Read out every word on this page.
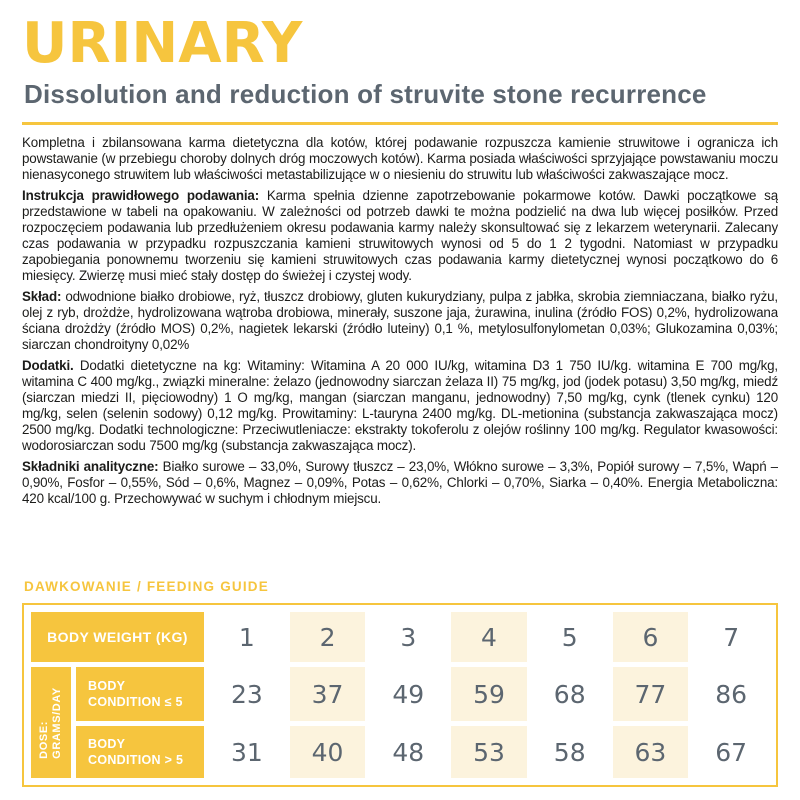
URINARY
Dissolution and reduction of struvite stone recurrence

Kompletna i zbilansowana karma dietetyczna dla kotów, której podawanie rozpuszcza kamienie struwitowe i ogranicza ich powstawanie (w przebiegu choroby dolnych dróg moczowych kotów). Karma posiada właściwości sprzyjające powstawaniu moczu nienasyconego struwitem lub właściwości metastabilizujące w o niesieniu do struwitu lub właściwości zakwaszające mocz.

Instrukcja prawidłowego podawania: Karma spełnia dzienne zapotrzebowanie pokarmowe kotów. Dawki początkowe są przedstawione w tabeli na opakowaniu. W zależności od potrzeb dawki te można podzielić na dwa lub więcej posiłków. Przed rozpoczęciem podawania lub przedłużeniem okresu podawania karmy należy skonsultować się z lekarzem weterynarii. Zalecany czas podawania w przypadku rozpuszczania kamieni struwitowych wynosi od 5 do 1 2 tygodni. Natomiast w przypadku zapobiegania ponownemu tworzeniu się kamieni struwitowych czas podawania karmy dietetycznej wynosi początkowo do 6 miesięcy. Zwierzę musi mieć stały dostęp do świeżej i czystej wody.

Skład: odwodnione białko drobiowe, ryż, tłuszcz drobiowy, gluten kukurydziany, pulpa z jabłka, skrobia ziemniaczana, białko ryżu, olej z ryb, drożdże, hydrolizowana wątroba drobiowa, minerały, suszone jaja, żurawina, inulina (źródło FOS) 0,2%, hydrolizowana ściana drożdży (źródło MOS) 0,2%, nagietek lekarski (źródło luteiny) 0,1 %, metylosulfonylometan 0,03%; Glukozamina 0,03%; siarczan chondroityny 0,02%

Dodatki. Dodatki dietetyczne na kg: Witaminy: Witamina A 20 000 IU/kg, witamina D3 1 750 IU/kg. witamina E 700 mg/kg, witamina C 400 mg/kg., związki mineralne: żelazo (jednowodny siarczan żelaza II) 75 mg/kg, jod (jodek potasu) 3,50 mg/kg, miedź (siarczan miedzi II, pięciowodny) 1 O mg/kg, mangan (siarczan manganu, jednowodny) 7,50 mg/kg, cynk (tlenek cynku) 120 mg/kg, selen (selenin sodowy) 0,12 mg/kg. Prowitaminy: L-tauryna 2400 mg/kg. DL-metionina (substancja zakwaszająca mocz) 2500 mg/kg. Dodatki technologiczne: Przeciwutleniacze: ekstrakty tokoferolu z olejów roślinny 100 mg/kg. Regulator kwasowości: wodorosiarczan sodu 7500 mg/kg (substancja zakwaszająca mocz).

Składniki analityczne: Białko surowe – 33,0%, Surowy tłuszcz – 23,0%, Włókno surowe – 3,3%, Popiół surowy – 7,5%, Wapń – 0,90%, Fosfor – 0,55%, Sód – 0,6%, Magnez – 0,09%, Potas – 0,62%, Chlorki – 0,70%, Siarka – 0,40%. Energia Metaboliczna: 420 kcal/100 g. Przechowywać w suchym i chłodnym miejscu.

DAWKOWANIE / FEEDING GUIDE
BODY WEIGHT (KG)	1	2	3	4	5	6	7
DOSE: GRAMS/DAY
BODY CONDITION ≤ 5	23	37	49	59	68	77	86
BODY CONDITION > 5	31	40	48	53	58	63	67
